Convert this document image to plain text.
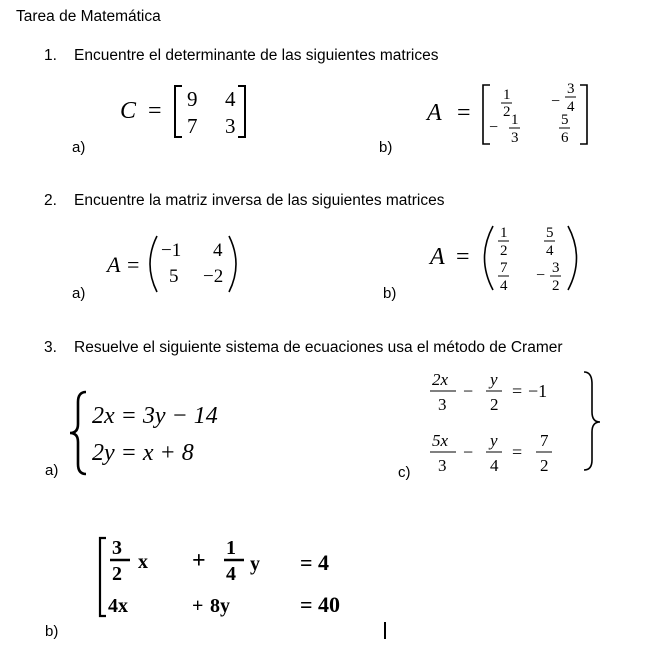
Tarea de Matemática
1. Encuentre el determinante de las siguientes matrices
a)
C = 9 4
7 3
b)
A =
1
2
−
3
4
− 1
3
5
6
2. Encuentre la matriz inversa de las siguientes matrices
a)
A =
−1 4
5 −2
b)
A =
1
2
5
4
7
4
− 3
2
3. Resuelve el siguiente sistema de ecuaciones usa el método de Cramer
a)
2x = 3y − 14
2y = x + 8
c)
2x
3
−
y
2
= −1
5x
3
−
y
4
=
7
2
b)
3
2
x + 1
4 y = 4
4x	+ 8y	= 40
